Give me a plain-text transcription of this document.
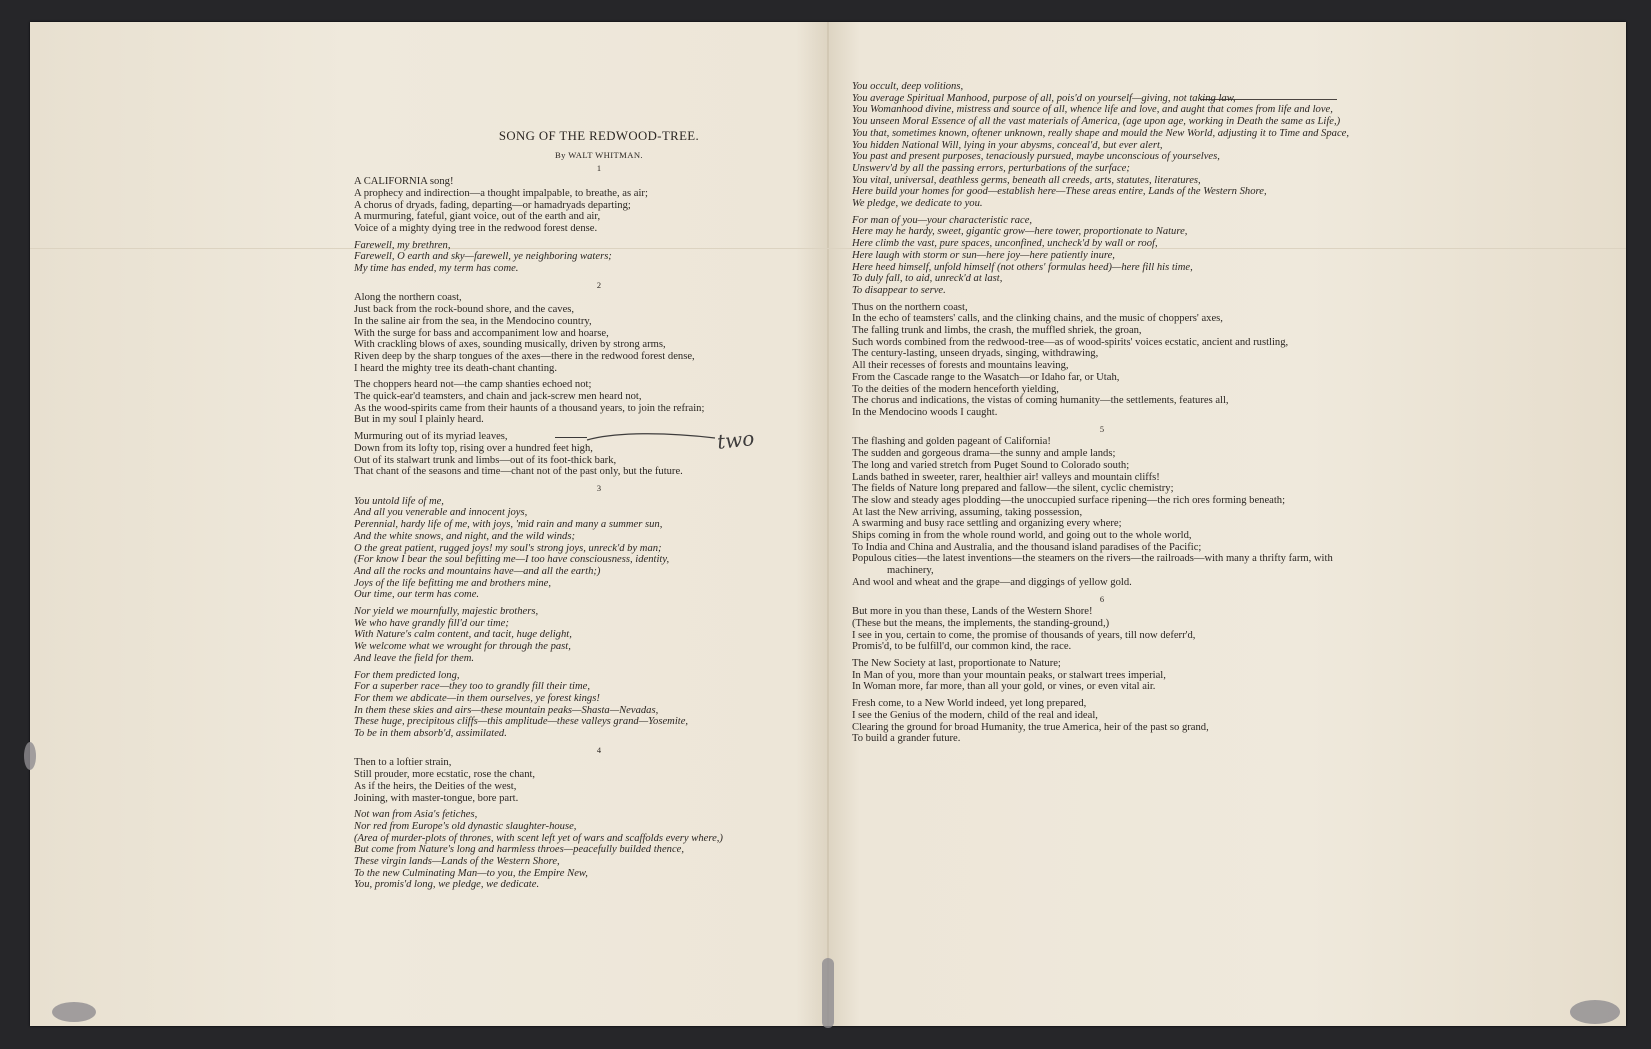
SONG OF THE REDWOOD-TREE.
By WALT WHITMAN.
1
A CALIFORNIA song!
A prophecy and indirection—a thought impalpable, to breathe, as air;
A chorus of dryads, fading, departing—or hamadryads departing;
A murmuring, fateful, giant voice, out of the earth and air,
Voice of a mighty dying tree in the redwood forest dense.
Farewell, my brethren,
Farewell, O earth and sky—farewell, ye neighboring waters;
My time has ended, my term has come.
2
Along the northern coast,
Just back from the rock-bound shore, and the caves,
In the saline air from the sea, in the Mendocino country,
With the surge for bass and accompaniment low and hoarse,
With crackling blows of axes, sounding musically, driven by strong arms,
Riven deep by the sharp tongues of the axes—there in the redwood forest dense,
I heard the mighty tree its death-chant chanting.
The choppers heard not—the camp shanties echoed not;
The quick-ear'd teamsters, and chain and jack-screw men heard not,
As the wood-spirits came from their haunts of a thousand years, to join the refrain;
But in my soul I plainly heard.
Murmuring out of its myriad leaves,
Down from its lofty top, rising over a hundred feet high,
Out of its stalwart trunk and limbs—out of its foot-thick bark,
That chant of the seasons and time—chant not of the past only, but the future.
3
You untold life of me,
And all you venerable and innocent joys,
Perennial, hardy life of me, with joys, 'mid rain and many a summer sun,
And the white snows, and night, and the wild winds;
O the great patient, rugged joys! my soul's strong joys, unreck'd by man;
(For know I bear the soul befitting me—I too have consciousness, identity,
And all the rocks and mountains have—and all the earth;)
Joys of the life befitting me and brothers mine,
Our time, our term has come.
Nor yield we mournfully, majestic brothers,
We who have grandly fill'd our time;
With Nature's calm content, and tacit, huge delight,
We welcome what we wrought for through the past,
And leave the field for them.
For them predicted long,
For a superber race—they too to grandly fill their time,
For them we abdicate—in them ourselves, ye forest kings!
In them these skies and airs—these mountain peaks—Shasta—Nevadas,
These huge, precipitous cliffs—this amplitude—these valleys grand—Yosemite,
To be in them absorb'd, assimilated.
4
Then to a loftier strain,
Still prouder, more ecstatic, rose the chant,
As if the heirs, the Deities of the west,
Joining, with master-tongue, bore part.
Not wan from Asia's fetiches,
Nor red from Europe's old dynastic slaughter-house,
(Area of murder-plots of thrones, with scent left yet of wars and scaffolds every where,)
But come from Nature's long and harmless throes—peacefully builded thence,
These virgin lands—Lands of the Western Shore,
To the new Culminating Man—to you, the Empire New,
You, promis'd long, we pledge, we dedicate.
You occult, deep volitions,
You average Spiritual Manhood, purpose of all, pois'd on yourself—giving, not taking law,
You Womanhood divine, mistress and source of all, whence life and love, and aught that comes from life and love,
You unseen Moral Essence of all the vast materials of America, (age upon age, working in Death the same as Life,)
You that, sometimes known, oftener unknown, really shape and mould the New World, adjusting it to Time and Space,
You hidden National Will, lying in your abysms, conceal'd, but ever alert,
You past and present purposes, tenaciously pursued, maybe unconscious of yourselves,
Unswerv'd by all the passing errors, perturbations of the surface;
You vital, universal, deathless germs, beneath all creeds, arts, statutes, literatures,
Here build your homes for good—establish here—These areas entire, Lands of the Western Shore,
We pledge, we dedicate to you.
For man of you—your characteristic race,
Here may he hardy, sweet, gigantic grow—here tower, proportionate to Nature,
Here climb the vast, pure spaces, unconfined, uncheck'd by wall or roof,
Here laugh with storm or sun—here joy—here patiently inure,
Here heed himself, unfold himself (not others' formulas heed)—here fill his time,
To duly fall, to aid, unreck'd at last,
To disappear to serve.
Thus on the northern coast,
In the echo of teamsters' calls, and the clinking chains, and the music of choppers' axes,
The falling trunk and limbs, the crash, the muffled shriek, the groan,
Such words combined from the redwood-tree—as of wood-spirits' voices ecstatic, ancient and rustling,
The century-lasting, unseen dryads, singing, withdrawing,
All their recesses of forests and mountains leaving,
From the Cascade range to the Wasatch—or Idaho far, or Utah,
To the deities of the modern henceforth yielding,
The chorus and indications, the vistas of coming humanity—the settlements, features all,
In the Mendocino woods I caught.
5
The flashing and golden pageant of California!
The sudden and gorgeous drama—the sunny and ample lands;
The long and varied stretch from Puget Sound to Colorado south;
Lands bathed in sweeter, rarer, healthier air! valleys and mountain cliffs!
The fields of Nature long prepared and fallow—the silent, cyclic chemistry;
The slow and steady ages plodding—the unoccupied surface ripening—the rich ores forming beneath;
At last the New arriving, assuming, taking possession,
A swarming and busy race settling and organizing every where;
Ships coming in from the whole round world, and going out to the whole world,
To India and China and Australia, and the thousand island paradises of the Pacific;
Populous cities—the latest inventions—the steamers on the rivers—the railroads—with many a thrifty farm, with machinery,
And wool and wheat and the grape—and diggings of yellow gold.
6
But more in you than these, Lands of the Western Shore!
(These but the means, the implements, the standing-ground,)
I see in you, certain to come, the promise of thousands of years, till now deferr'd,
Promis'd, to be fulfill'd, our common kind, the race.
The New Society at last, proportionate to Nature;
In Man of you, more than your mountain peaks, or stalwart trees imperial,
In Woman more, far more, than all your gold, or vines, or even vital air.
Fresh come, to a New World indeed, yet long prepared,
I see the Genius of the modern, child of the real and ideal,
Clearing the ground for broad Humanity, the true America, heir of the past so grand,
To build a grander future.
two
